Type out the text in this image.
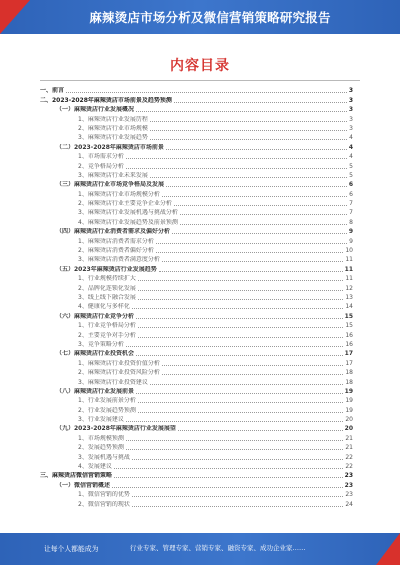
麻辣烫店市场分析及微信营销策略研究报告
内容目录
一、前言	3
二、2023-2028年麻辣烫店市场前景及趋势预测	3
（一）麻辣烫店行业发展概况	3
1、麻辣烫店行业发展历程	3
2、麻辣烫店行业市场规模	3
3、麻辣烫店行业发展趋势	4
（二）2023-2028年麻辣烫店市场前景	4
1、市场需求分析	4
2、竞争格局分析	5
3、麻辣烫店行业未来发展	5
（三）麻辣烫店行业市场竞争格局及发展	6
1、麻辣烫店行业市场规模分析	6
2、麻辣烫店行业主要竞争企业分析	7
3、麻辣烫店行业发展机遇与挑战分析	7
4、麻辣烫店行业发展趋势及前景预测	8
（四）麻辣烫店行业消费者需求及偏好分析	9
1、麻辣烫店消费者需求分析	9
2、麻辣烫店消费者偏好分析	10
3、麻辣烫店消费者满意度分析	11
（五）2023年麻辣烫店行业发展趋势	11
1、行业规模持续扩大	11
2、品牌化连锁化发展	12
3、线上线下融合发展	13
4、健康化与多样化	14
（六）麻辣烫店行业竞争分析	15
1、行业竞争格局分析	15
2、主要竞争对手分析	16
3、竞争策略分析	16
（七）麻辣烫店行业投资机会	17
1、麻辣烫店行业投资价值分析	17
2、麻辣烫店行业投资风险分析	18
3、麻辣烫店行业投资建议	18
（八）麻辣烫店行业发展前景	19
1、行业发展前景分析	19
2、行业发展趋势预测	19
3、行业发展建议	20
（九）2023-2028年麻辣烫店行业发展展望	20
1、市场规模预测	21
2、发展趋势预测	21
3、发展机遇与挑战	22
4、发展建议	22
三、麻辣烫店微信营销策略	23
（一）微信营销概述	23
1、微信营销的优势	23
2、微信营销的现状	24
让每个人都能成为	行业专家、管理专家、营销专家、融资专家、成功企业家……
